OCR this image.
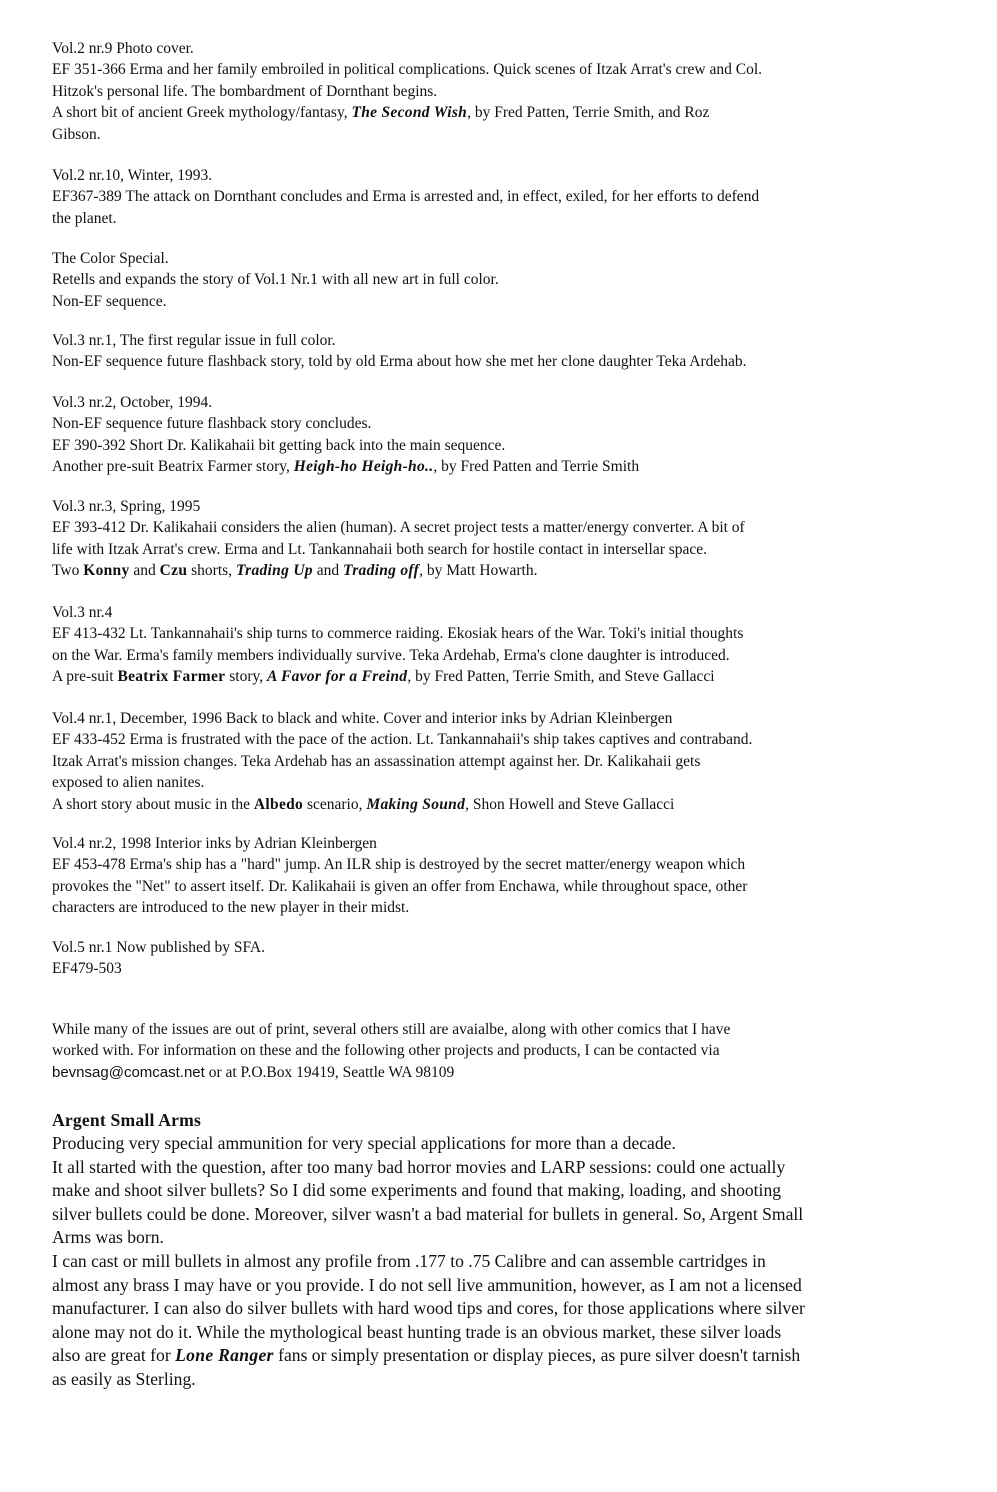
Vol.2 nr.9 Photo cover.
EF 351-366 Erma and her family embroiled in political complications. Quick scenes of Itzak Arrat's crew and Col.
Hitzok's personal life. The bombardment of Dornthant begins.
A short bit of ancient Greek mythology/fantasy, The Second Wish, by Fred Patten, Terrie Smith, and Roz
Gibson.
Vol.2 nr.10, Winter, 1993.
EF367-389 The attack on Dornthant concludes and Erma is arrested and, in effect, exiled, for her efforts to defend
the planet.
The Color Special.
Retells and expands the story of Vol.1 Nr.1 with all new art in full color.
Non-EF sequence.
Vol.3 nr.1, The first regular issue in full color.
Non-EF sequence future flashback story, told by old Erma about how she met her clone daughter Teka Ardehab.
Vol.3 nr.2, October, 1994.
Non-EF sequence future flashback story concludes.
EF 390-392 Short Dr. Kalikahaii bit getting back into the main sequence.
Another pre-suit Beatrix Farmer story, Heigh-ho Heigh-ho.., by Fred Patten and Terrie Smith
Vol.3 nr.3, Spring, 1995
EF 393-412 Dr. Kalikahaii considers the alien (human). A secret project tests a matter/energy converter. A bit of
life with Itzak Arrat's crew. Erma and Lt. Tankannahaii both search for hostile contact in intersellar space.
Two Konny and Czu shorts, Trading Up and Trading off, by Matt Howarth.
Vol.3 nr.4
EF 413-432 Lt. Tankannahaii's ship turns to commerce raiding. Ekosiak hears of the War. Toki's initial thoughts
on the War. Erma's family members individually survive. Teka Ardehab, Erma's clone daughter is introduced.
A pre-suit Beatrix Farmer story, A Favor for a Freind, by Fred Patten, Terrie Smith, and Steve Gallacci
Vol.4 nr.1, December, 1996 Back to black and white. Cover and interior inks by Adrian Kleinbergen
EF 433-452 Erma is frustrated with the pace of the action. Lt. Tankannahaii's ship takes captives and contraband.
Itzak Arrat's mission changes. Teka Ardehab has an assassination attempt against her. Dr. Kalikahaii gets
exposed to alien nanites.
A short story about music in the Albedo scenario, Making Sound, Shon Howell and Steve Gallacci
Vol.4 nr.2, 1998 Interior inks by Adrian Kleinbergen
EF 453-478 Erma's ship has a "hard" jump. An ILR ship is destroyed by the secret matter/energy weapon which
provokes the "Net" to assert itself. Dr. Kalikahaii is given an offer from Enchawa, while throughout space, other
characters are introduced to the new player in their midst.
Vol.5 nr.1 Now published by SFA.
EF479-503
While many of the issues are out of print, several others still are avaialbe, along with other comics that I have
worked with. For information on these and the following other projects and products, I can be contacted via
bevnsag@comcast.net or at P.O.Box 19419, Seattle WA 98109
Argent Small Arms
Producing very special ammunition for very special applications for more than a decade.
It all started with the question, after too many bad horror movies and LARP sessions: could one actually
make and shoot silver bullets? So I did some experiments and found that making, loading, and shooting
silver bullets could be done. Moreover, silver wasn't a bad material for bullets in general. So, Argent Small
Arms was born.
I can cast or mill bullets in almost any profile from .177 to .75 Calibre and can assemble cartridges in
almost any brass I may have or you provide. I do not sell live ammunition, however, as I am not a licensed
manufacturer. I can also do silver bullets with hard wood tips and cores, for those applications where silver
alone may not do it. While the mythological beast hunting trade is an obvious market, these silver loads
also are great for Lone Ranger fans or simply presentation or display pieces, as pure silver doesn't tarnish
as easily as Sterling.
